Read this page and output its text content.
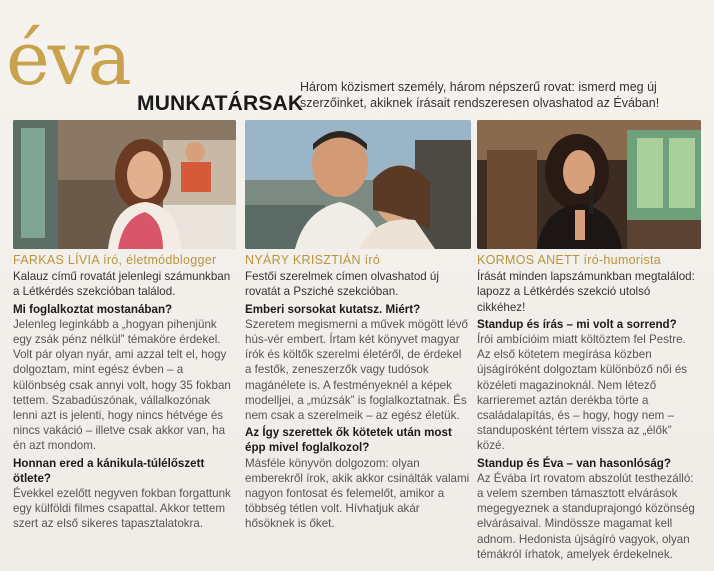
éva
MUNKATÁRSAK
Három közismert személy, három népszerű rovat: ismerd meg új szerzőinket, akiknek írásait rendszeresen olvashatod az Évában!
FARKAS LÍVIA író, életmódblogger

Kalauz című rovatát jelenlegi számunkban a Létkérdés szekcióban találod.

Mi foglalkoztat mostanában?

Jelenleg leginkább a „hogyan pihenjünk egy zsák pénz nélkül” témaköre érdekel. Volt pár olyan nyár, ami azzal telt el, hogy dolgoztam, mint egész évben – a különbség csak annyi volt, hogy 35 fokban tettem. Szabadúszónak, vállalkozónak lenni azt is jelenti, hogy nincs hétvége és nincs vakáció – illetve csak akkor van, ha én azt mondom.

Honnan ered a kánikula-túlélőszett ötlete?

Évekkel ezelőtt negyven fokban forgattunk egy külföldi filmes csapattal. Akkor tettem szert az első sikeres tapasztalatokra.

NYÁRY KRISZTIÁN író

Festői szerelmek címen olvashatod új rovatát a Psziché szekcióban.

Emberi sorsokat kutatsz. Miért?

Szeretem megismerni a művek mögött lévő hús-vér embert. Írtam két könyvet magyar írók és költők szerelmi életéről, de érdekel a festők, zeneszerzők vagy tudósok magánélete is. A festményeknél a képek modelljei, a „múzsák” is foglalkoztatnak. És nem csak a szerelmeik – az egész életük.

Az Így szerettek ők kötetek után most épp mivel foglalkozol?

Másféle könyvön dolgozom: olyan emberekről írok, akik akkor csinálták valami nagyon fontosat és felemelőt, amikor a többség tétlen volt. Hívhatjuk akár hősöknek is őket.

KORMOS ANETT író-humorista

Írását minden lapszámunkban megtalálod: lapozz a Létkérdés szekció utolsó cikkéhez!

Standup és írás – mi volt a sorrend?

Írói ambícióim miatt költöztem fel Pestre. Az első kötetem megírása közben újságíróként dolgoztam különböző női és közéleti magazinoknál. Nem létező karrieremet aztán derékba törte a családalapítás, és – hogy, hogy nem – standuposként tértem vissza az „élők” közé.

Standup és Éva – van hasonlóság?

Az Évába írt rovatom abszolút testhezálló: a velem szemben támasztott elvárások megegyeznek a standuprajongó közönség elvárásaival. Mindössze magamat kell adnom. Hedonista újságíró vagyok, olyan témákról írhatok, amelyek érdekelnek.
